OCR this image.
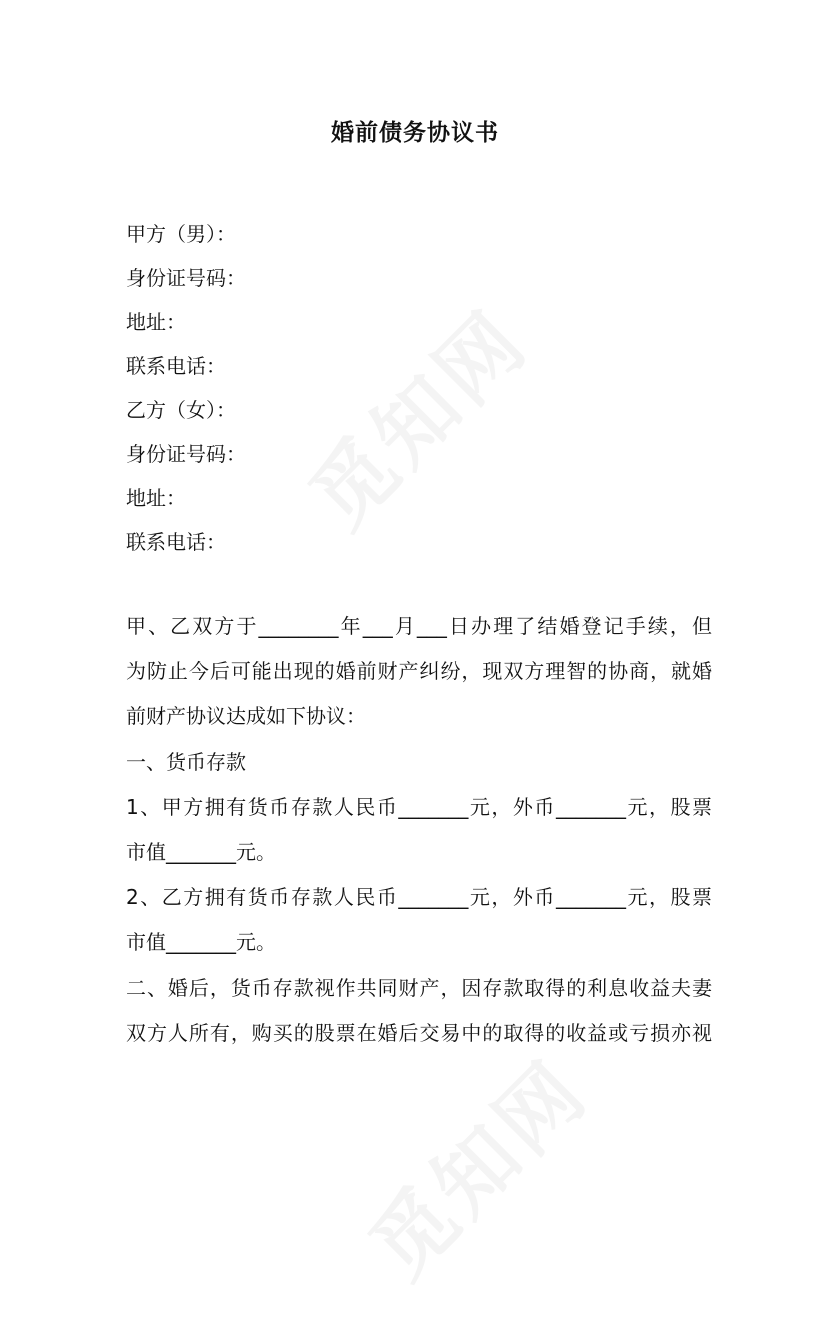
婚前债务协议书
甲方（男）：
身份证号码：
地址：
联系电话：
乙方（女）：
身份证号码：
地址：
联系电话：
甲、乙双方于________年___月___日办理了结婚登记手续，但
为防止今后可能出现的婚前财产纠纷，现双方理智的协商，就婚
前财产协议达成如下协议：
一、货币存款
1、甲方拥有货币存款人民币_______元，外币_______元，股票
市值_______元。
2、乙方拥有货币存款人民币_______元，外币_______元，股票
市值_______元。
二、婚后，货币存款视作共同财产，因存款取得的利息收益夫妻
双方人所有，购买的股票在婚后交易中的取得的收益或亏损亦视
